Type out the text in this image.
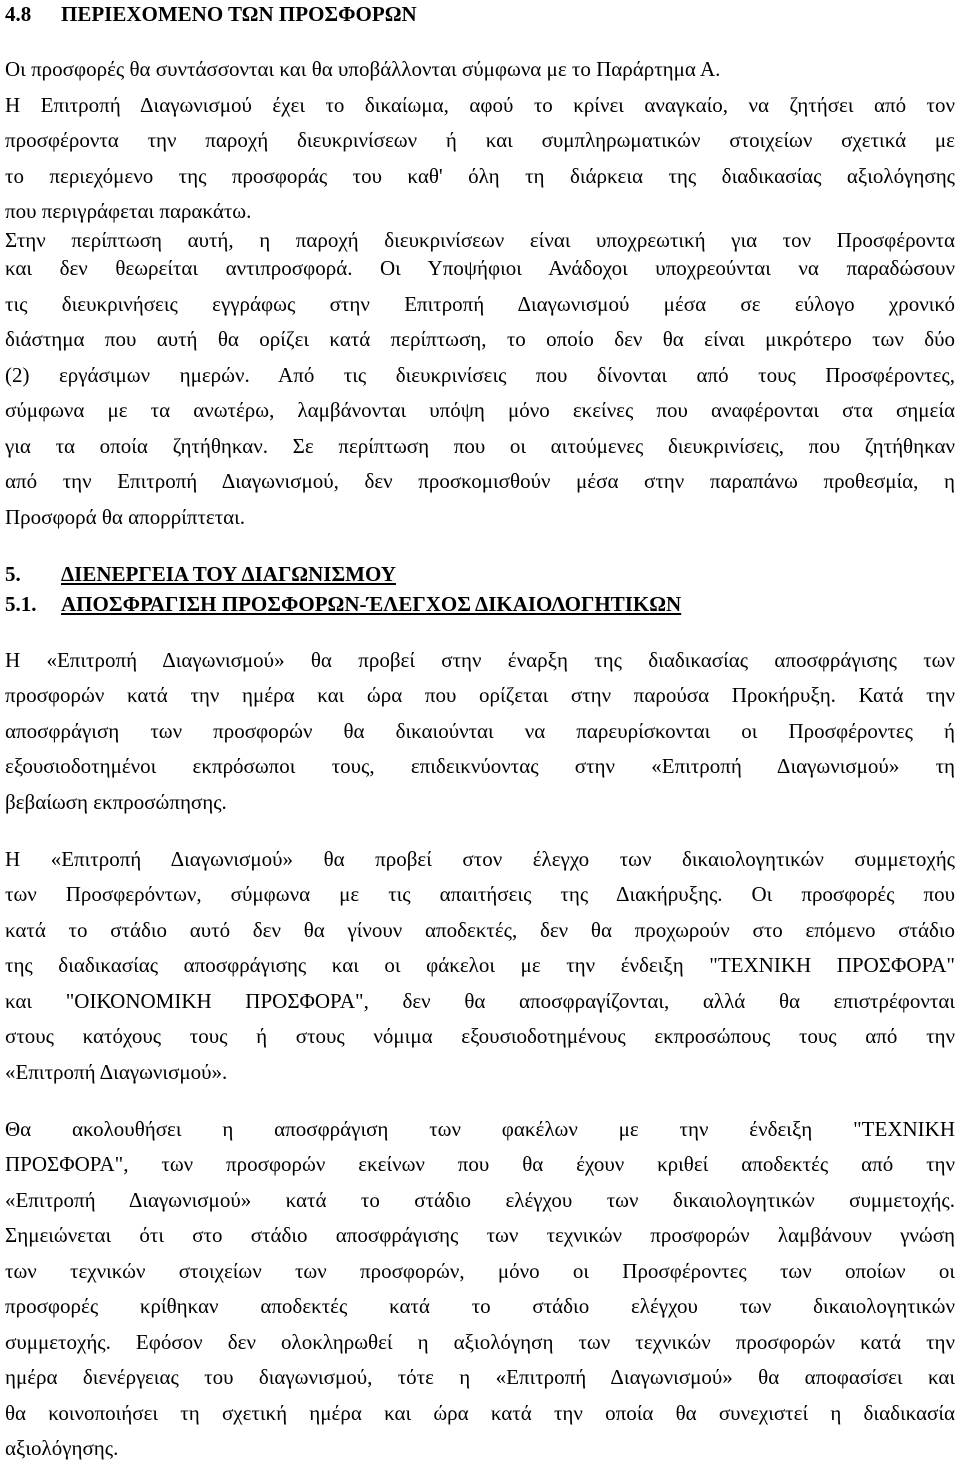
4.8 ΠΕΡΙΕΧΟΜΕΝΟ ΤΩΝ ΠΡΟΣΦΟΡΩΝ
Οι προσφορές θα συντάσσονται και θα υποβάλλονται σύμφωνα με το Παράρτημα Α.
Η Επιτροπή Διαγωνισμού έχει το δικαίωμα, αφού το κρίνει αναγκαίο, να ζητήσει από τον
προσφέροντα την παροχή διευκρινίσεων ή και συμπληρωματικών στοιχείων σχετικά με
το περιεχόμενο της προσφοράς του καθ' όλη τη διάρκεια της διαδικασίας αξιολόγησης
που περιγράφεται παρακάτω.
Στην περίπτωση αυτή, η παροχή διευκρινίσεων είναι υποχρεωτική για τον Προσφέροντα
και δεν θεωρείται αντιπροσφορά. Οι Υποψήφιοι Ανάδοχοι υποχρεούνται να παραδώσουν
τις διευκρινήσεις εγγράφως στην Επιτροπή Διαγωνισμού μέσα σε εύλογο χρονικό
διάστημα που αυτή θα ορίζει κατά περίπτωση, το οποίο δεν θα είναι μικρότερο των δύο
(2) εργάσιμων ημερών. Από τις διευκρινίσεις που δίνονται από τους Προσφέροντες,
σύμφωνα με τα ανωτέρω, λαμβάνονται υπόψη μόνο εκείνες που αναφέρονται στα σημεία
για τα οποία ζητήθηκαν. Σε περίπτωση που οι αιτούμενες διευκρινίσεις, που ζητήθηκαν
από την Επιτροπή Διαγωνισμού, δεν προσκομισθούν μέσα στην παραπάνω προθεσμία, η
Προσφορά θα απορρίπτεται.
5. ΔΙΕΝΕΡΓΕΙΑ ΤΟΥ ΔΙΑΓΩΝΙΣΜΟΥ
5.1. ΑΠΟΣΦΡΑΓΙΣΗ ΠΡΟΣΦΟΡΩΝ-ΈΛΕΓΧΟΣ ΔΙΚΑΙΟΛΟΓΗΤΙΚΩΝ
Η «Επιτροπή Διαγωνισμού» θα προβεί στην έναρξη της διαδικασίας αποσφράγισης των
προσφορών κατά την ημέρα και ώρα που ορίζεται στην παρούσα Προκήρυξη. Κατά την
αποσφράγιση των προσφορών θα δικαιούνται να παρευρίσκονται οι Προσφέροντες ή
εξουσιοδοτημένοι εκπρόσωποι τους, επιδεικνύοντας στην «Επιτροπή Διαγωνισμού» τη
βεβαίωση εκπροσώπησης.
Η «Επιτροπή Διαγωνισμού» θα προβεί στον έλεγχο των δικαιολογητικών συμμετοχής
των Προσφερόντων, σύμφωνα με τις απαιτήσεις της Διακήρυξης. Οι προσφορές που
κατά το στάδιο αυτό δεν θα γίνουν αποδεκτές, δεν θα προχωρούν στο επόμενο στάδιο
της διαδικασίας αποσφράγισης και οι φάκελοι με την ένδειξη "ΤΕΧΝΙΚΗ ΠΡΟΣΦΟΡΑ"
και "ΟΙΚΟΝΟΜΙΚΗ ΠΡΟΣΦΟΡΑ", δεν θα αποσφραγίζονται, αλλά θα επιστρέφονται
στους κατόχους τους ή στους νόμιμα εξουσιοδοτημένους εκπροσώπους τους από την
«Επιτροπή Διαγωνισμού».
Θα ακολουθήσει η αποσφράγιση των φακέλων με την ένδειξη "ΤΕΧΝΙΚΗ
ΠΡΟΣΦΟΡΑ", των προσφορών εκείνων που θα έχουν κριθεί αποδεκτές από την
«Επιτροπή Διαγωνισμού» κατά το στάδιο ελέγχου των δικαιολογητικών συμμετοχής.
Σημειώνεται ότι στο στάδιο αποσφράγισης των τεχνικών προσφορών λαμβάνουν γνώση
των τεχνικών στοιχείων των προσφορών, μόνο οι Προσφέροντες των οποίων οι
προσφορές κρίθηκαν αποδεκτές κατά το στάδιο ελέγχου των δικαιολογητικών
συμμετοχής. Εφόσον δεν ολοκληρωθεί η αξιολόγηση των τεχνικών προσφορών κατά την
ημέρα διενέργειας του διαγωνισμού, τότε η «Επιτροπή Διαγωνισμού» θα αποφασίσει και
θα κοινοποιήσει τη σχετική ημέρα και ώρα κατά την οποία θα συνεχιστεί η διαδικασία
αξιολόγησης.
